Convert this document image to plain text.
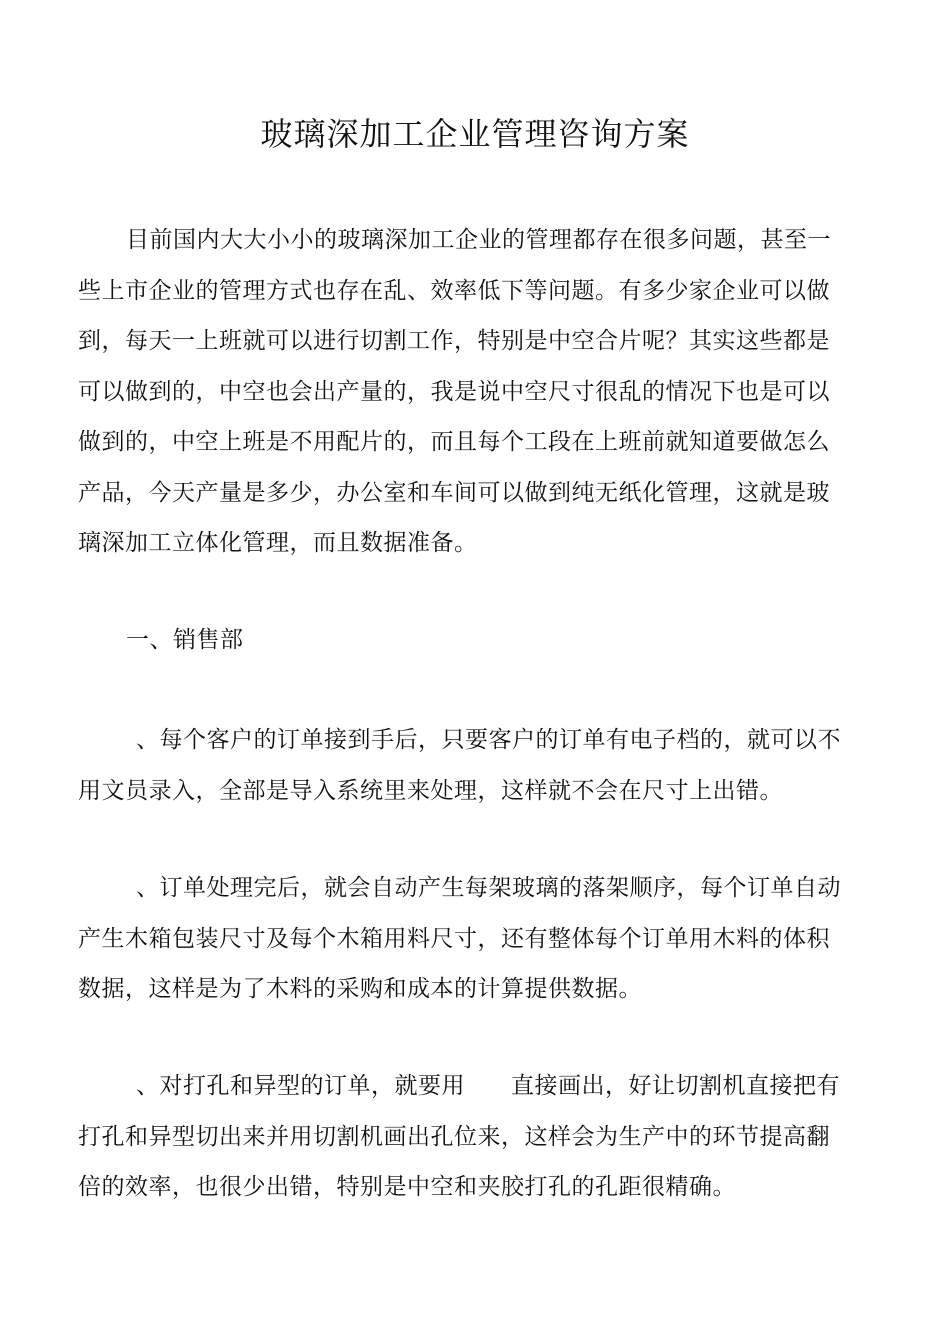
玻璃深加工企业管理咨询方案

目前国内大大小小的玻璃深加工企业的管理都存在很多问题，甚至一
些上市企业的管理方式也存在乱、效率低下等问题。有多少家企业可以做
到，每天一上班就可以进行切割工作，特别是中空合片呢？其实这些都是
可以做到的，中空也会出产量的，我是说中空尺寸很乱的情况下也是可以
做到的，中空上班是不用配片的，而且每个工段在上班前就知道要做怎么
产品，今天产量是多少，办公室和车间可以做到纯无纸化管理，这就是玻
璃深加工立体化管理，而且数据准备。

一、销售部

、每个客户的订单接到手后，只要客户的订单有电子档的，就可以不
用文员录入，全部是导入系统里来处理，这样就不会在尺寸上出错。

、订单处理完后，就会自动产生每架玻璃的落架顺序，每个订单自动
产生木箱包装尺寸及每个木箱用料尺寸，还有整体每个订单用木料的体积
数据，这样是为了木料的采购和成本的计算提供数据。

、对打孔和异型的订单，就要用 直接画出，好让切割机直接把有
打孔和异型切出来并用切割机画出孔位来，这样会为生产中的环节提高翻
倍的效率，也很少出错，特别是中空和夹胶打孔的孔距很精确。
